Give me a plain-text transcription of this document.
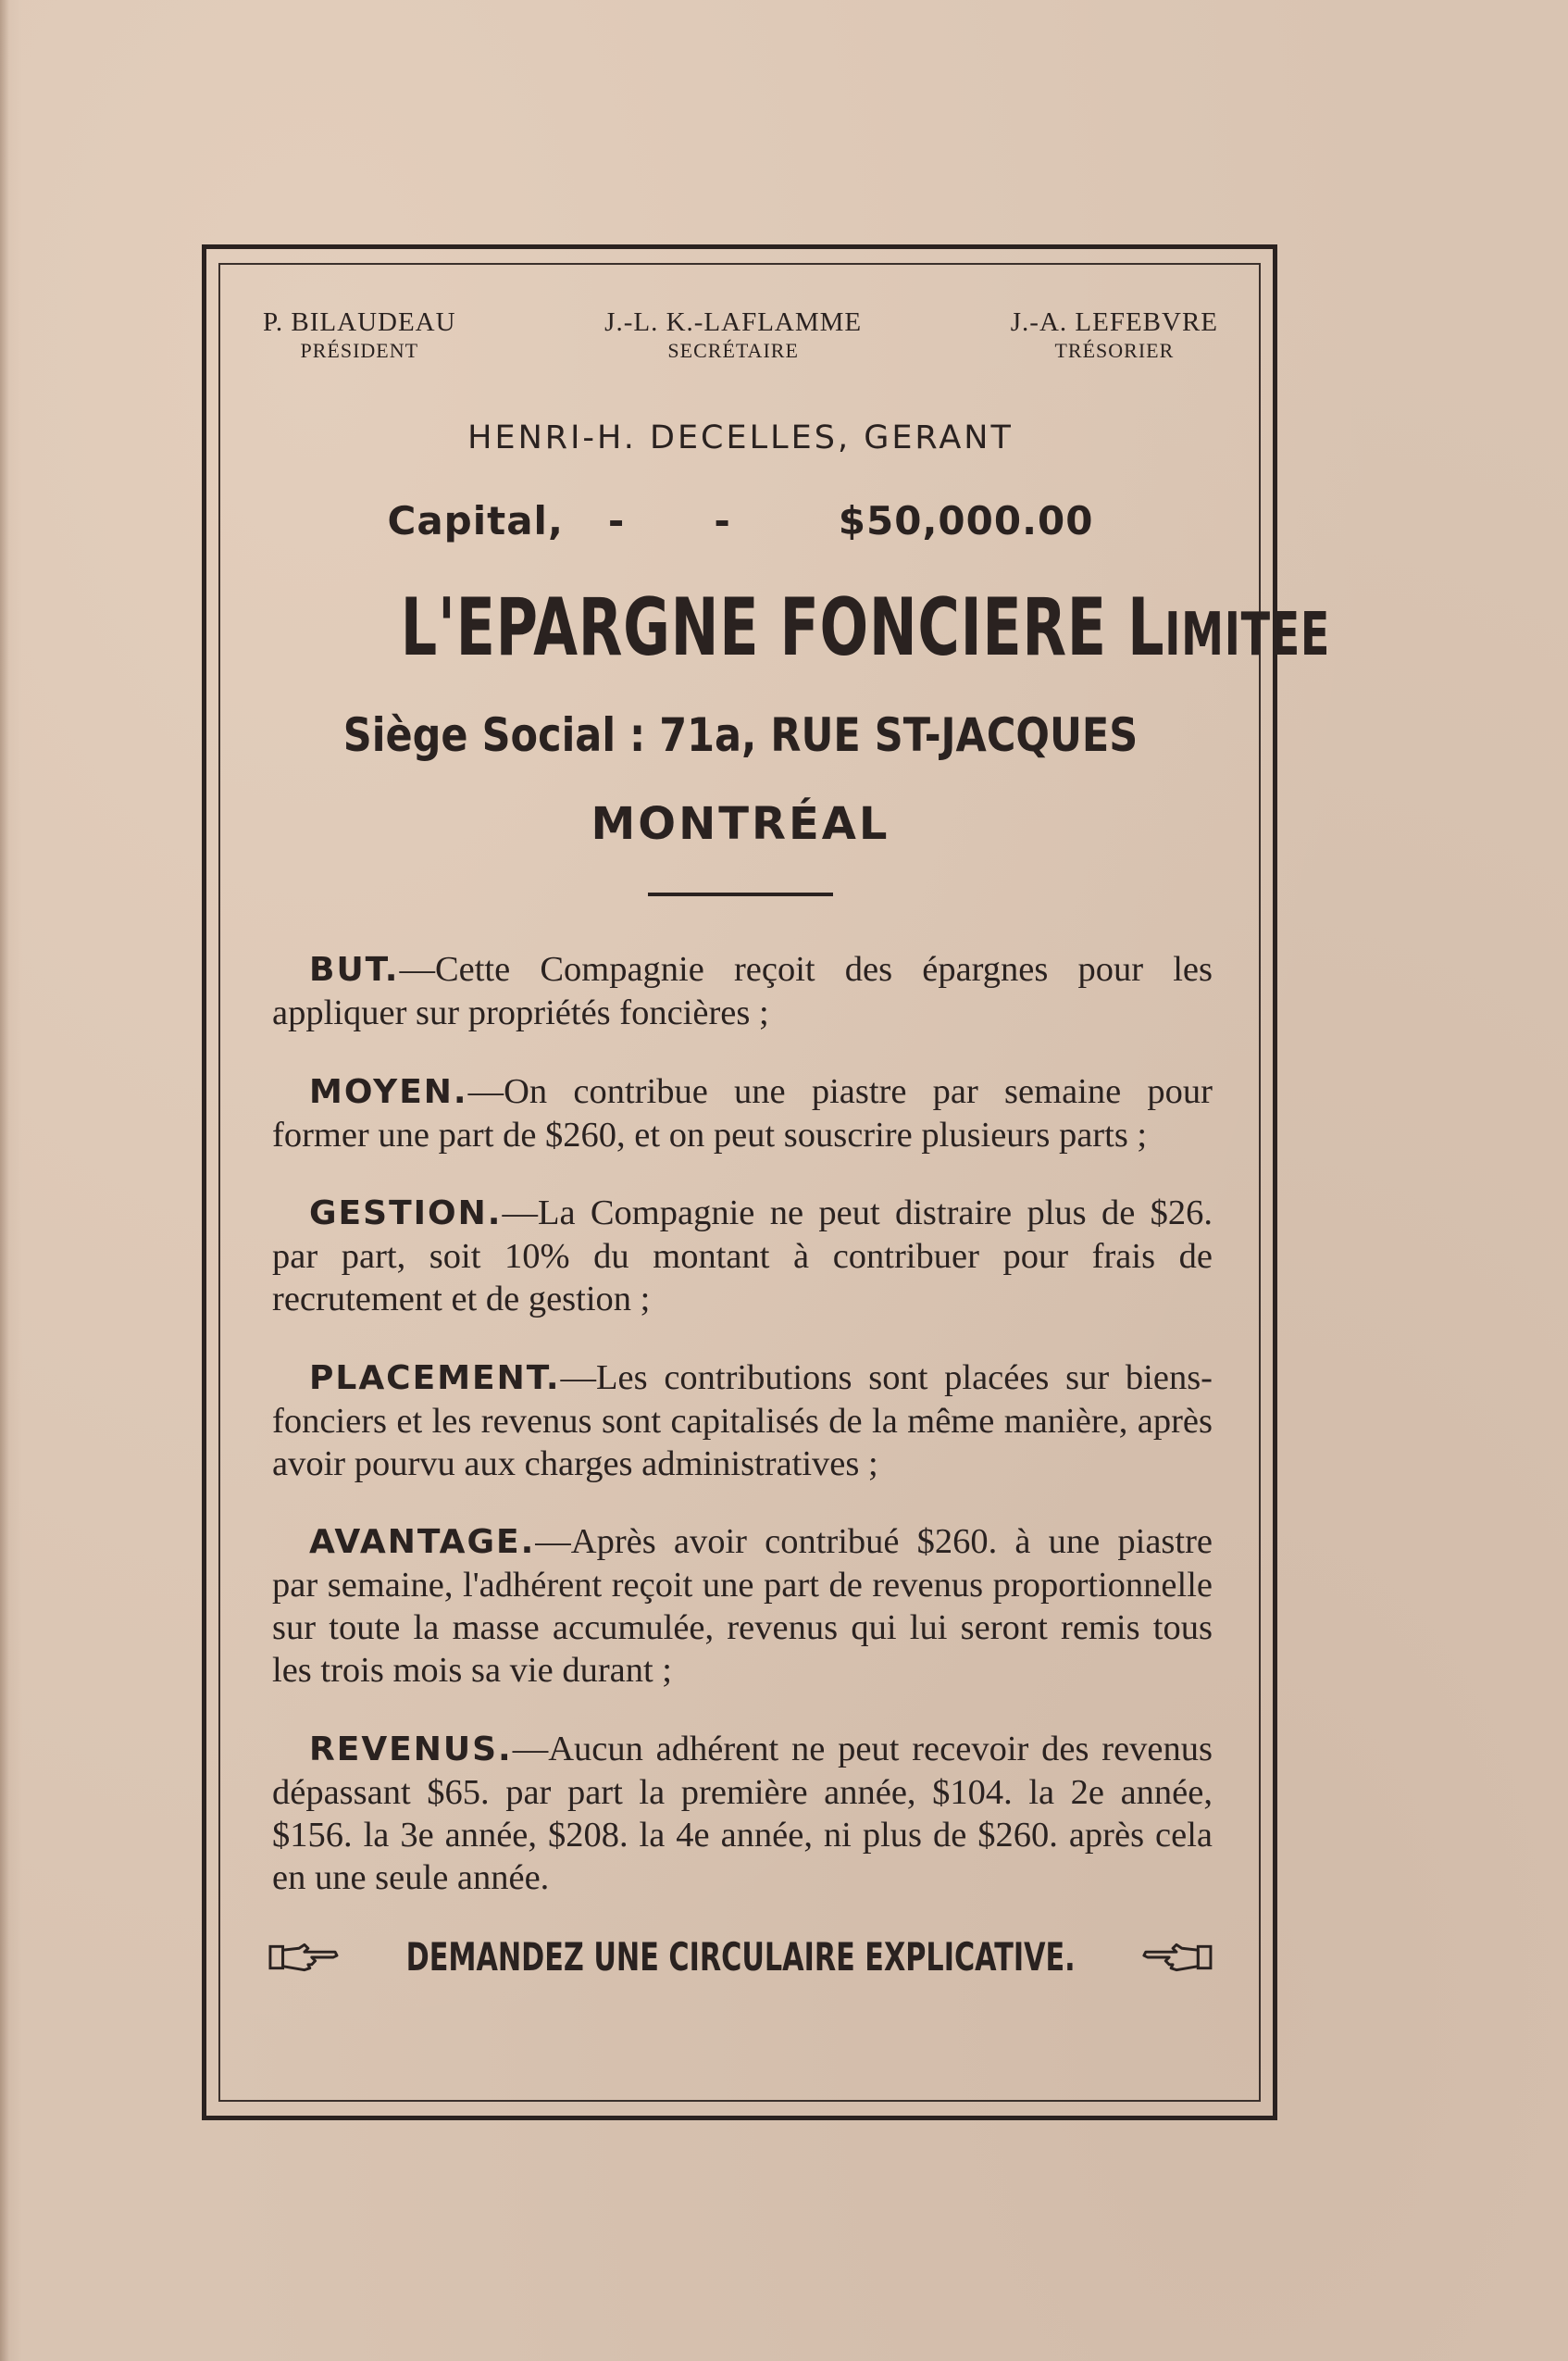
P. BILAUDEAU
PRÉSIDENT
J.-L. K.-LAFLAMME
SECRÉTAIRE
J.-A. LEFEBVRE
TRÉSORIER
HENRI-H. DECELLES, GERANT
Capital, - -	$50,000.00
L'EPARGNE FONCIERE LIMITEE
Siège Social : 71a, RUE ST-JACQUES
MONTRÉAL

BUT.—Cette Compagnie reçoit des épargnes pour les appliquer sur propriétés foncières ;

MOYEN.—On contribue une piastre par semaine pour former une part de $260, et on peut souscrire plusieurs parts ;

GESTION.—La Compagnie ne peut distraire plus de $26. par part, soit 10% du montant à contribuer pour frais de recrutement et de gestion ;

PLACEMENT.—Les contributions sont placées sur biens-fonciers et les revenus sont capitalisés de la même manière, après avoir pourvu aux charges administratives ;

AVANTAGE.—Après avoir contribué $260. à une piastre par semaine, l'adhérent reçoit une part de revenus proportionnelle sur toute la masse accumulée, revenus qui lui seront remis tous les trois mois sa vie durant ;

REVENUS.—Aucun adhérent ne peut recevoir des revenus dépassant $65. par part la première année, $104. la 2e année, $156. la 3e année, $208. la 4e année, ni plus de $260. après cela en une seule année.

DEMANDEZ UNE CIRCULAIRE EXPLICATIVE.
